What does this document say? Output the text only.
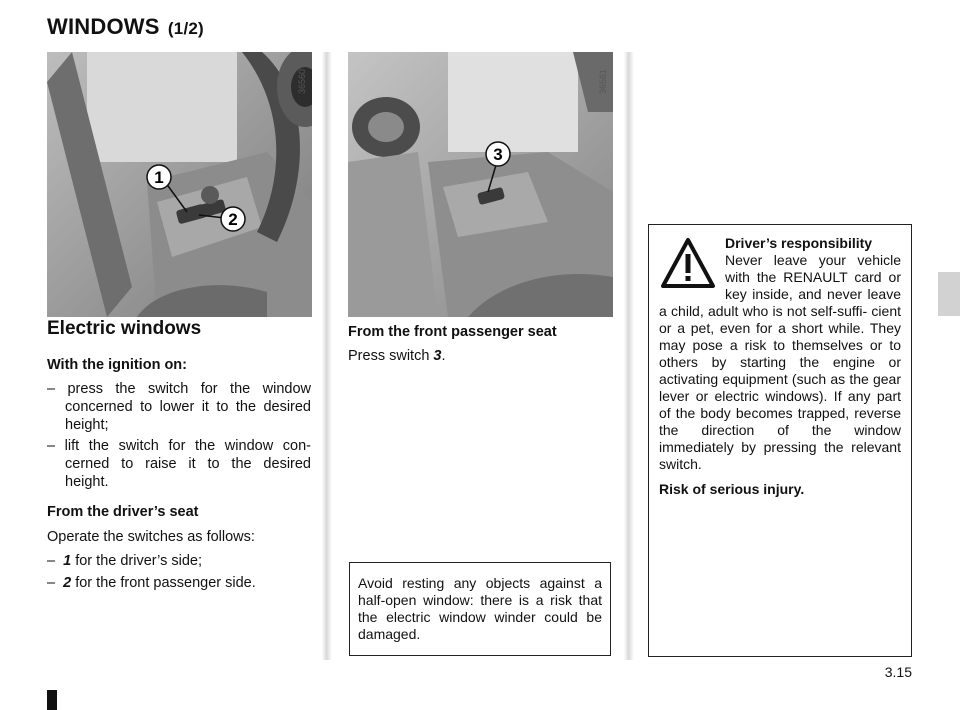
WINDOWS (1/2)
1
2
36560
3
36561
Electric windows
With the ignition on:
– press the switch for the window concerned to lower it to the desired height;
– lift the switch for the window con- cerned to raise it to the desired height.
From the driver’s seat
Operate the switches as follows:
– 1 for the driver’s side;
– 2 for the front passenger side.
From the front passenger seat
Press switch 3.
Avoid resting any objects against a half-open window: there is a risk that the electric window winder could be damaged.
Driver’s responsibility
Never leave your vehicle with the RENAULT card or key inside, and never leave a child, adult who is not self-suffi- cient or a pet, even for a short while. They may pose a risk to themselves or to others by starting the engine or activating equipment (such as the gear lever or electric windows). If any part of the body becomes trapped, reverse the direction of the window immediately by pressing the relevant switch.
Risk of serious injury.
3.15
